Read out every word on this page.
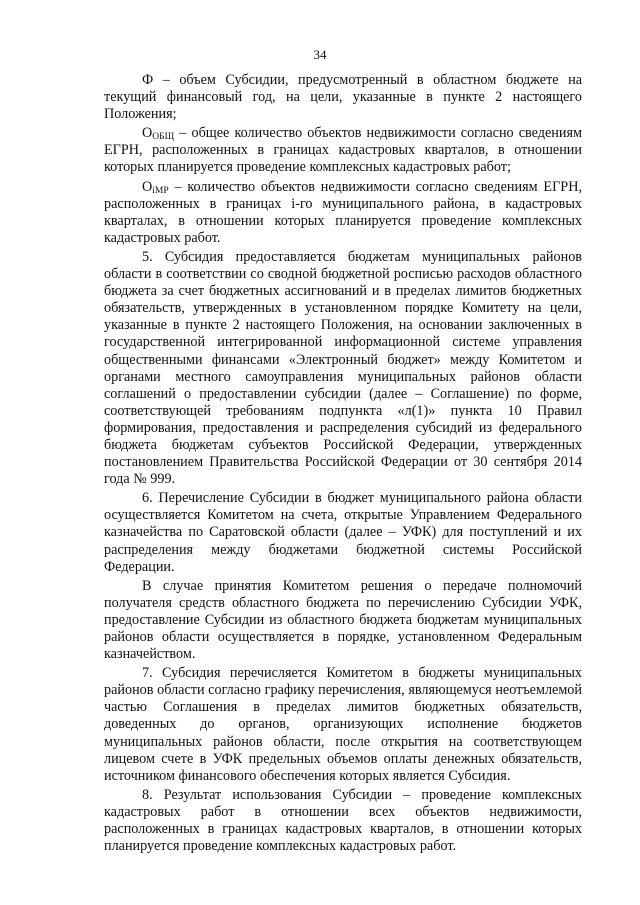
34

Ф – объем Субсидии, предусмотренный в областном бюджете на текущий финансовый год, на цели, указанные в пункте 2 настоящего Положения;

$О_{ОБЩ}$ – общее количество объектов недвижимости согласно сведениям ЕГРН, расположенных в границах кадастровых кварталов, в отношении которых планируется проведение комплексных кадастровых работ;

$О_{iМР}$ – количество объектов недвижимости согласно сведениям ЕГРН, расположенных в границах i-го муниципального района, в кадастровых кварталах, в отношении которых планируется проведение комплексных кадастровых работ.

5. Субсидия предоставляется бюджетам муниципальных районов области в соответствии со сводной бюджетной росписью расходов областного бюджета за счет бюджетных ассигнований и в пределах лимитов бюджетных обязательств, утвержденных в установленном порядке Комитету на цели, указанные в пункте 2 настоящего Положения, на основании заключенных в государственной интегрированной информационной системе управления общественными финансами «Электронный бюджет» между Комитетом и органами местного самоуправления муниципальных районов области соглашений о предоставлении субсидии (далее – Соглашение) по форме, соответствующей требованиям подпункта «л(1)» пункта 10 Правил формирования, предоставления и распределения субсидий из федерального бюджета бюджетам субъектов Российской Федерации, утвержденных постановлением Правительства Российской Федерации от 30 сентября 2014 года № 999.

6. Перечисление Субсидии в бюджет муниципального района области осуществляется Комитетом на счета, открытые Управлением Федерального казначейства по Саратовской области (далее – УФК) для поступлений и их распределения между бюджетами бюджетной системы Российской Федерации.

В случае принятия Комитетом решения о передаче полномочий получателя средств областного бюджета по перечислению Субсидии УФК, предоставление Субсидии из областного бюджета бюджетам муниципальных районов области осуществляется в порядке, установленном Федеральным казначейством.

7. Субсидия перечисляется Комитетом в бюджеты муниципальных районов области согласно графику перечисления, являющемуся неотъемлемой частью Соглашения в пределах лимитов бюджетных обязательств, доведенных до органов, организующих исполнение бюджетов муниципальных районов области, после открытия на соответствующем лицевом счете в УФК предельных объемов оплаты денежных обязательств, источником финансового обеспечения которых является Субсидия.

8. Результат использования Субсидии – проведение комплексных кадастровых работ в отношении всех объектов недвижимости, расположенных в границах кадастровых кварталов, в отношении которых планируется проведение комплексных кадастровых работ.
